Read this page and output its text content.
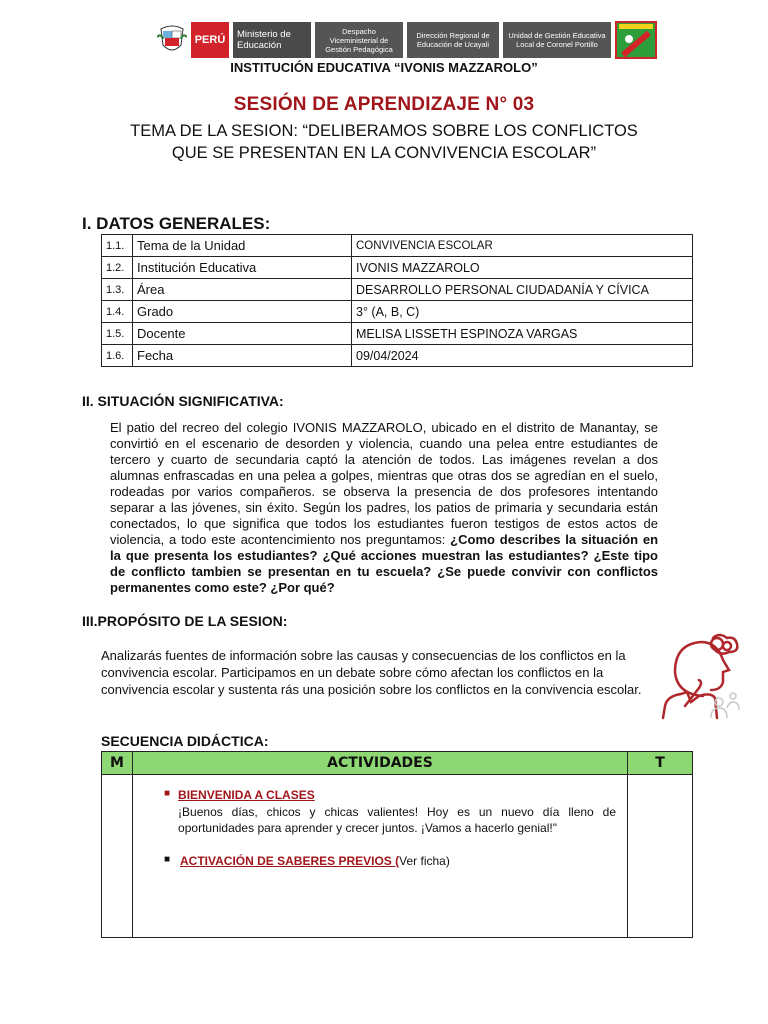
PERÚ	Ministerio de Educación
Despacho Viceministerial de Gestión Pedagógica
Dirección Regional de Educación de Ucayali
Unidad de Gestión Educativa Local de Coronel Portillo
INSTITUCIÓN EDUCATIVA “IVONIS MAZZAROLO”
SESIÓN DE APRENDIZAJE N° 03
TEMA DE LA SESION: “DELIBERAMOS SOBRE LOS CONFLICTOS
QUE SE PRESENTAN EN LA CONVIVENCIA ESCOLAR”
I. DATOS GENERALES:
1.1.	Tema de la Unidad	CONVIVENCIA ESCOLAR
1.2.	Institución Educativa	IVONIS MAZZAROLO
1.3.	Área	DESARROLLO PERSONAL CIUDADANÍA Y CÍVICA
1.4.	Grado	3° (A, B, C)
1.5.	Docente	MELISA LISSETH ESPINOZA VARGAS
1.6.	Fecha	09/04/2024
II. SITUACIÓN SIGNIFICATIVA:
El patio del recreo del colegio IVONIS MAZZAROLO, ubicado en el distrito de Manantay, se convirtió en el escenario de desorden y violencia, cuando una pelea entre estudiantes de tercero y cuarto de secundaria captó la atención de todos. Las imágenes revelan a dos alumnas enfrascadas en una pelea a golpes, mientras que otras dos se agredían en el suelo, rodeadas por varios compañeros. se observa la presencia de dos profesores intentando separar a las jóvenes, sin éxito. Según los padres, los patios de primaria y secundaria están conectados, lo que significa que todos los estudiantes fueron testigos de estos actos de violencia, a todo este acontencimiento nos preguntamos: ¿Como describes la situación en la que presenta los estudiantes? ¿Qué acciones muestran las estudiantes? ¿Este tipo de conflicto tambien se presentan en tu escuela? ¿Se puede convivir con conflictos permanentes como este? ¿Por qué?
III.PROPÓSITO DE LA SESION:
Analizarás fuentes de información sobre las causas y consecuencias de los conflictos en la convivencia escolar. Participamos en un debate sobre cómo afectan los conflictos en la convivencia escolar y sustenta rás una posición sobre los conflictos en la convivencia escolar.
SECUENCIA DIDÁCTICA:
M	ACTIVIDADES	T

	■ BIENVENIDA A CLASES
¡Buenos días, chicos y chicas valientes! Hoy es un nuevo día lleno de oportunidades para aprender y crecer juntos. ¡Vamos a hacerlo genial!"
■ ACTIVACIÓN DE SABERES PREVIOS (Ver ficha)	
